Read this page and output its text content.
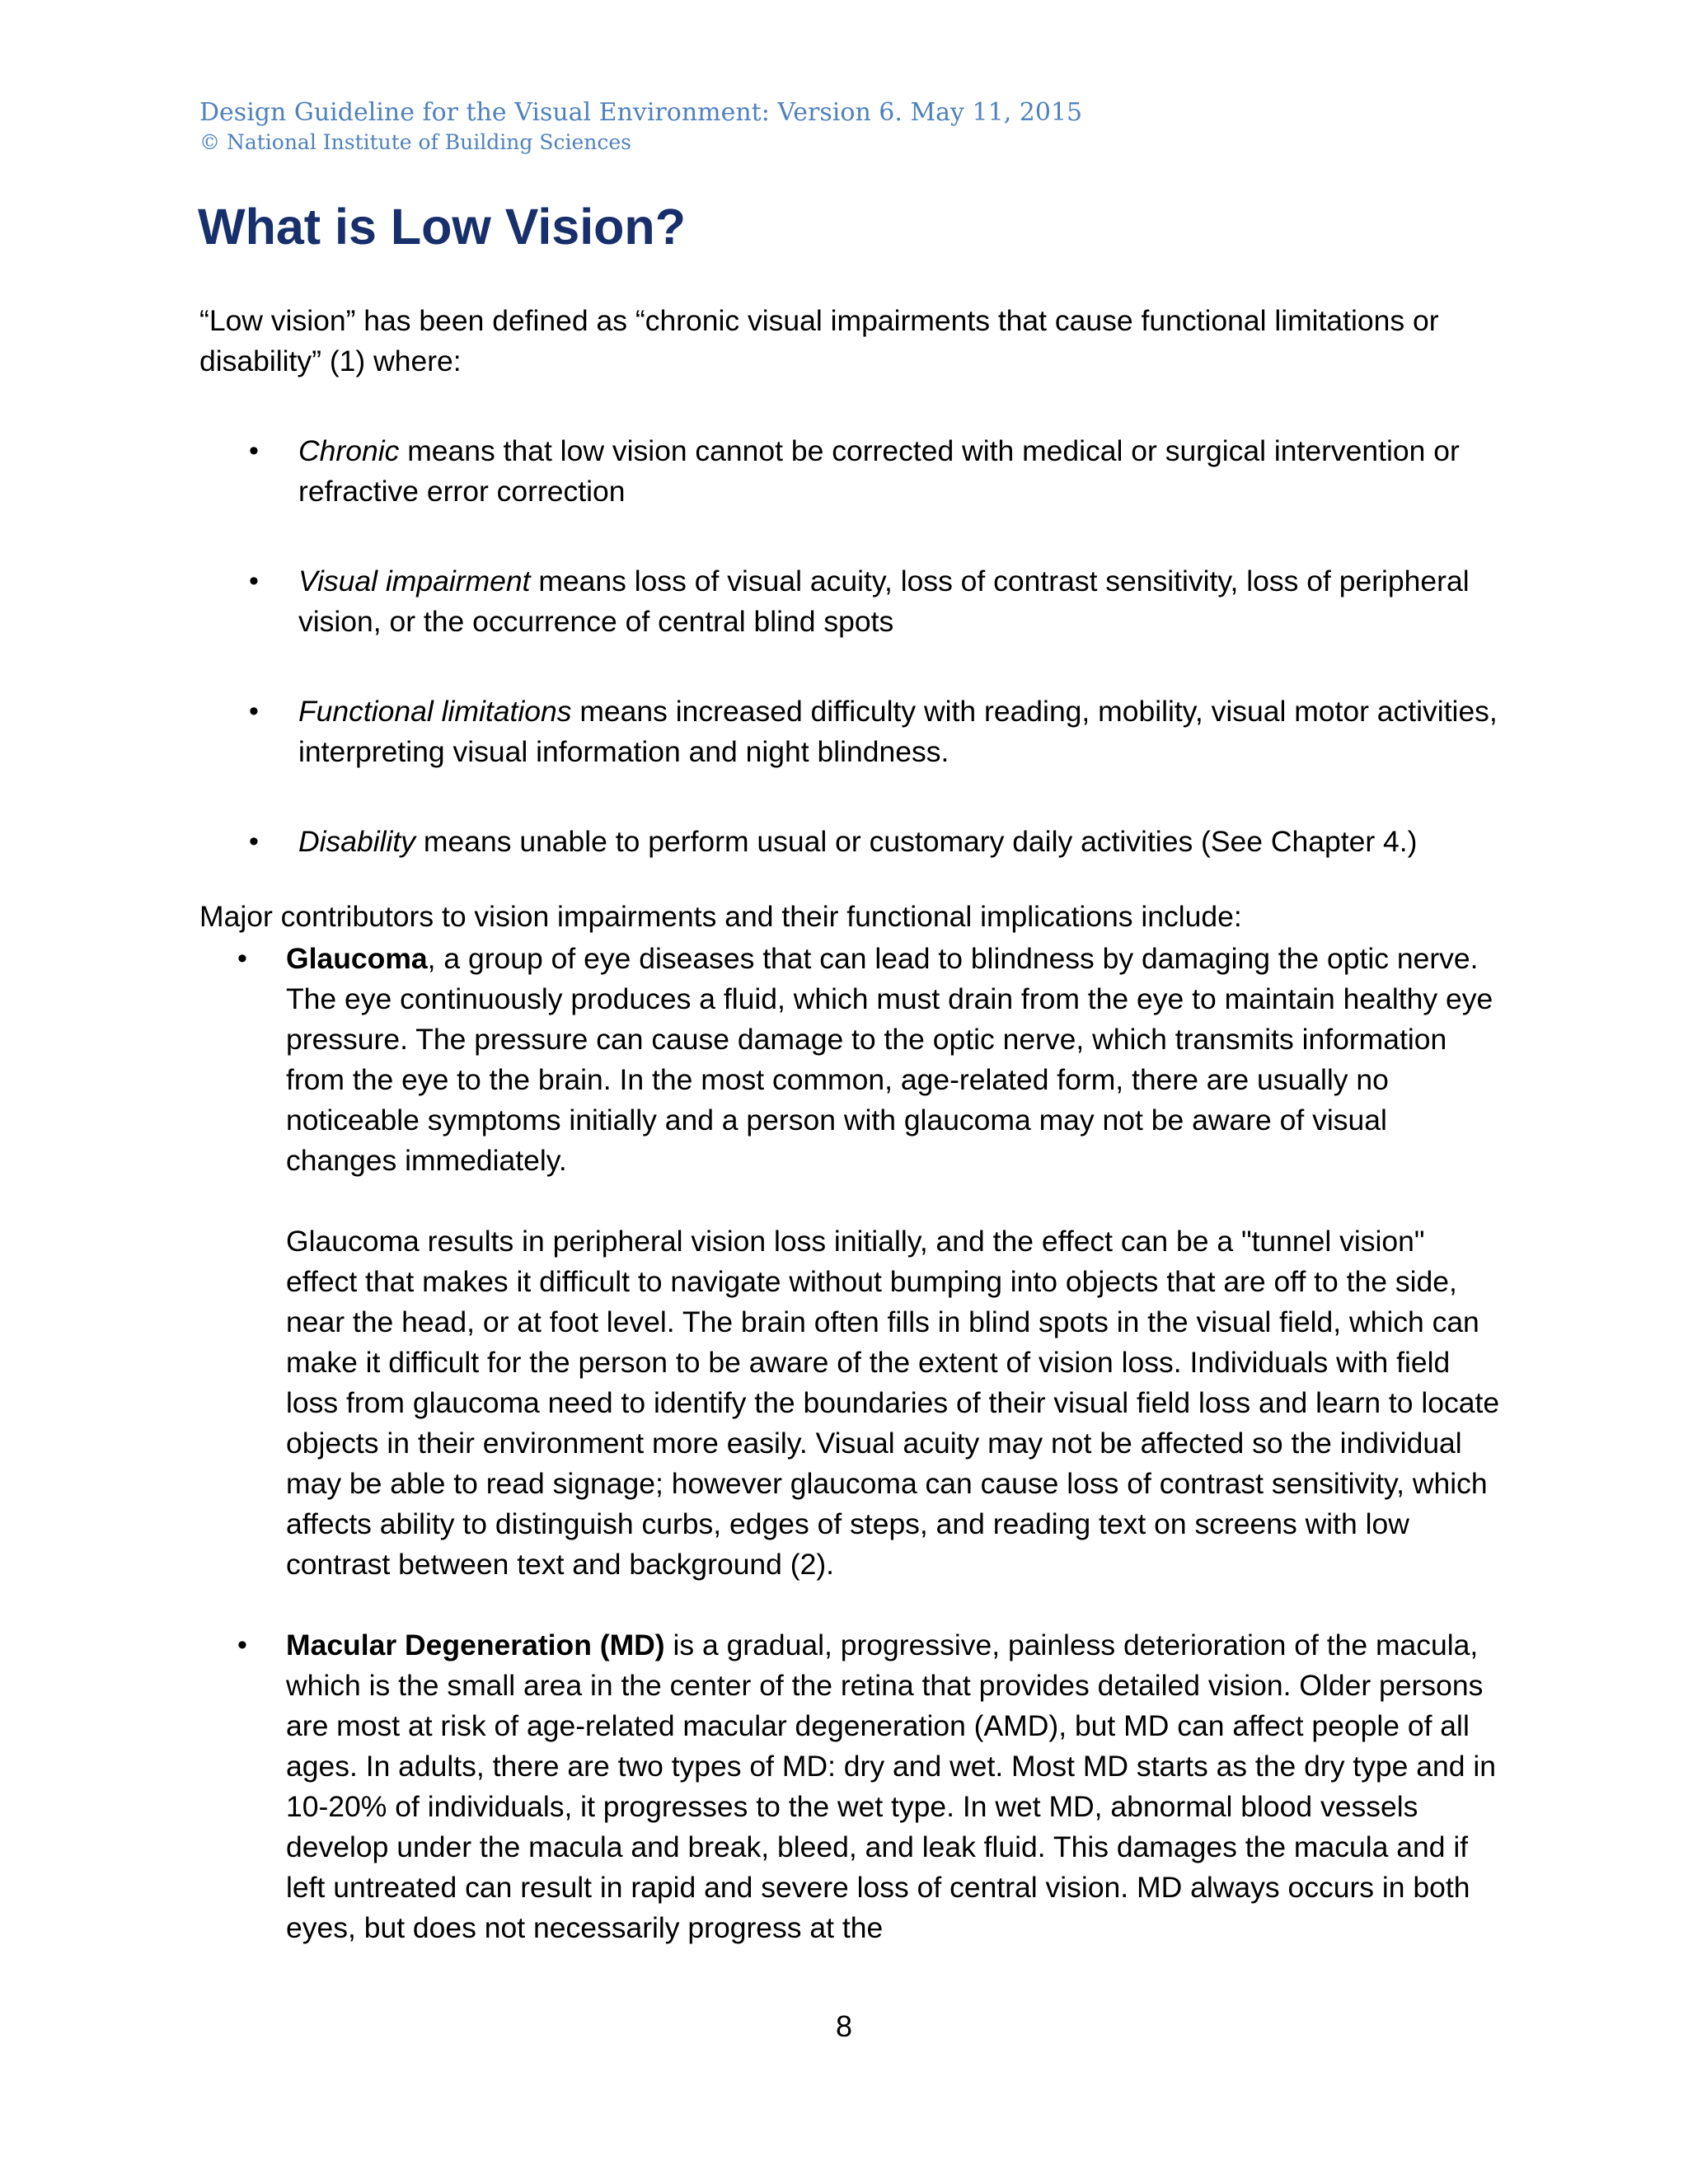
Design Guideline for the Visual Environment: Version 6. May 11, 2015
© National Institute of Building Sciences
What is Low Vision?

“Low vision” has been defined as “chronic visual impairments that cause functional limitations or disability” (1) where:

• Chronic means that low vision cannot be corrected with medical or surgical intervention or refractive error correction
• Visual impairment means loss of visual acuity, loss of contrast sensitivity, loss of peripheral vision, or the occurrence of central blind spots
• Functional limitations means increased difficulty with reading, mobility, visual motor activities, interpreting visual information and night blindness.
• Disability means unable to perform usual or customary daily activities (See Chapter 4.)

Major contributors to vision impairments and their functional implications include:

• Glaucoma, a group of eye diseases that can lead to blindness by damaging the optic nerve. The eye continuously produces a fluid, which must drain from the eye to maintain healthy eye pressure. The pressure can cause damage to the optic nerve, which transmits information from the eye to the brain. In the most common, age-related form, there are usually no noticeable symptoms initially and a person with glaucoma may not be aware of visual changes immediately.

Glaucoma results in peripheral vision loss initially, and the effect can be a "tunnel vision" effect that makes it difficult to navigate without bumping into objects that are off to the side, near the head, or at foot level. The brain often fills in blind spots in the visual field, which can make it difficult for the person to be aware of the extent of vision loss. Individuals with field loss from glaucoma need to identify the boundaries of their visual field loss and learn to locate objects in their environment more easily. Visual acuity may not be affected so the individual may be able to read signage; however glaucoma can cause loss of contrast sensitivity, which affects ability to distinguish curbs, edges of steps, and reading text on screens with low contrast between text and background (2).

• Macular Degeneration (MD) is a gradual, progressive, painless deterioration of the macula, which is the small area in the center of the retina that provides detailed vision. Older persons are most at risk of age-related macular degeneration (AMD), but MD can affect people of all ages. In adults, there are two types of MD: dry and wet. Most MD starts as the dry type and in 10-20% of individuals, it progresses to the wet type. In wet MD, abnormal blood vessels develop under the macula and break, bleed, and leak fluid. This damages the macula and if left untreated can result in rapid and severe loss of central vision. MD always occurs in both eyes, but does not necessarily progress at the

8
